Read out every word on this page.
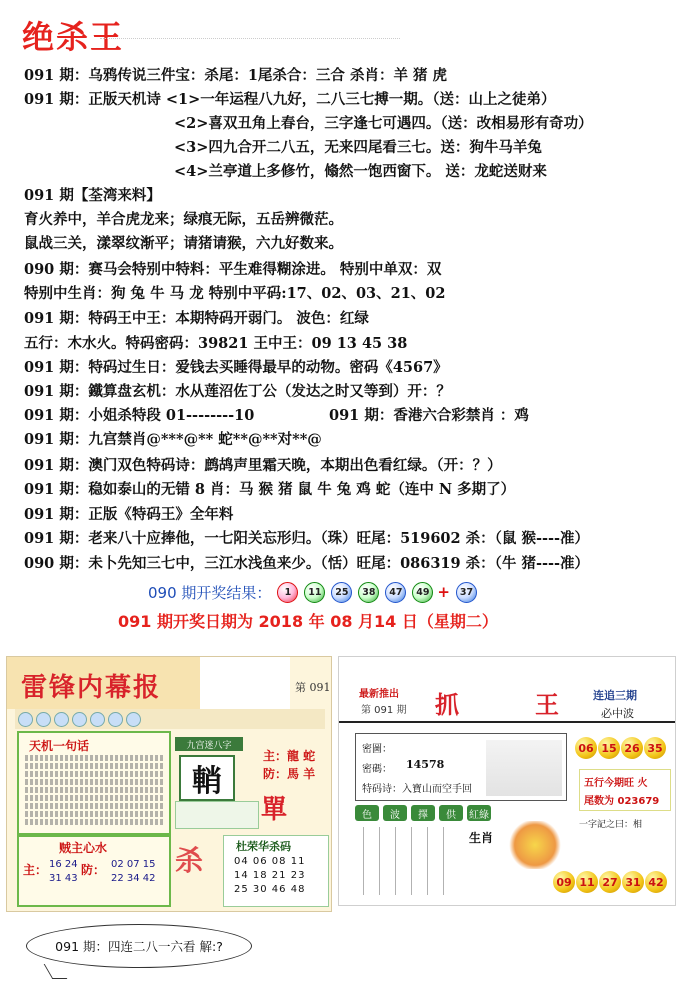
绝杀王
091 期：乌鸦传说三件宝：杀尾：1尾杀合：三合 杀肖：羊 猪 虎
091 期：正版天机诗 <1>一年运程八九好，二八三七搏一期。（送：山上之徒弟）
<2>喜双丑角上春台，三字逢七可遇四。（送：改相易形有奇功）
<3>四九合开二八五，无来四尾看三七。送：狗牛马羊兔
<4>兰亭道上多修竹，翛然一饱西窗下。 送：龙蛇送财来
091 期【荃湾来料】
育火养中，羊合虎龙来；绿痕无际，五岳辨微茫。
鼠战三关，漾翠纹渐平；请猪请猴，六九好数来。
090 期：赛马会特别中特料：平生难得糊涂进。 特别中单双：双
特别中生肖：狗 兔 牛 马 龙 特别中平码:17、02、03、21、02
091 期：特码王中王：本期特码开弱门。 波色：红绿
五行：木水火。特码密码：39821 王中王：09 13 45 38
091 期：特码过生日：爱钱去买睡得最早的动物。密码《4567》
091 期：鐵算盘玄机：水从莲沼佐丁公（发达之时又等到）开：？
091 期：小姐杀特段 01--------10	091 期：香港六合彩禁肖 ：鸡
091 期：九宫禁肖@***@** 蛇**@**对**@
091 期：澳门双色特码诗：鹧鸪声里霜天晚，本期出色看红绿。（开：？）
091 期：稳如泰山的无错 8 肖：马 猴 猪 鼠 牛 兔 鸡 蛇（连中 N 多期了）
091 期：正版《特码王》全年料
091 期：老来八十应捧他，一七阳关忘形归。（珠）旺尾：519602 杀：（鼠 猴----准）
090 期：未卜先知三七中，三江水浅鱼来少。（恬）旺尾：086319 杀：（牛 猪----准）
090 期开奖结果：	1	11	25	38	47	49 +	37
091 期开奖日期为 2018 年 08 月14 日（星期二）
雷锋内幕报	第 091
天机一句话
贼主心水
主： 16 24
31 43
防： 02 07 15
22 34 42
九宫迷八字
輎
主：龍 蛇
防：馬 羊
單
杀	杜荣华杀码
04 06 08 11
14 18 21 23
25 30 46 48
最新推出
第 091 期 抓	王	连追三期
必中波
密圖：
密碼： 14578
特码诗：入寶山而空手回
06 15 26 35
五行今期旺 火
尾数为 023679
色	波	擇	供	紅綠
生肖
一字記之曰：相
09 11 27 31 42
091 期：四连二八一六看 解:?
